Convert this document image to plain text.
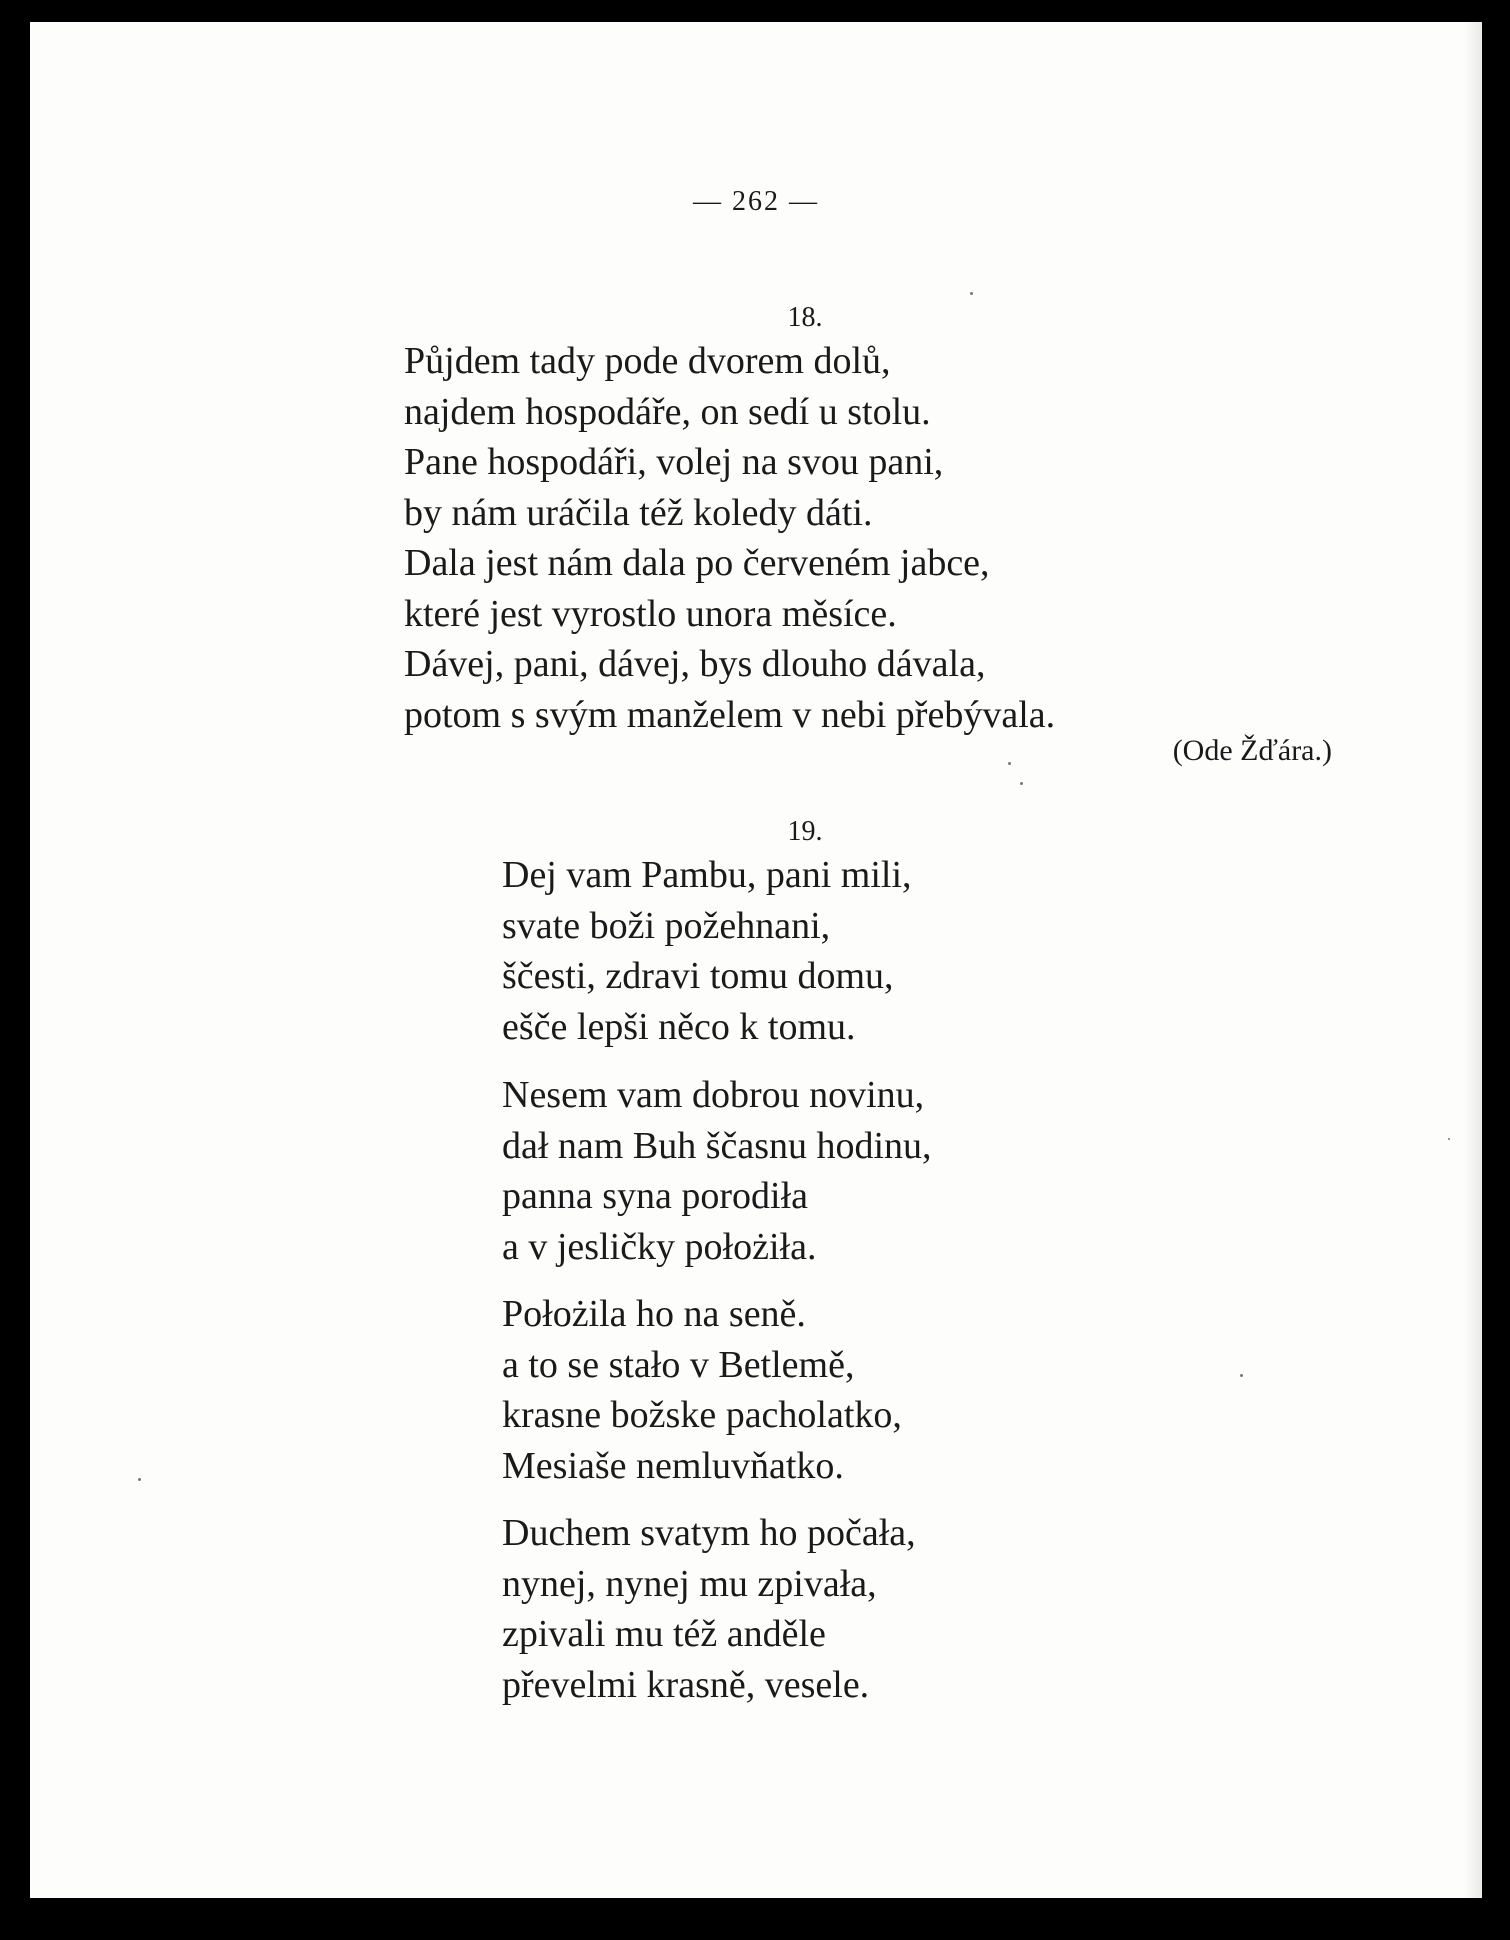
— 262 —
18.
Půjdem tady pode dvorem dolů,
najdem hospodáře, on sedí u stolu.
Pane hospodáři, volej na svou pani,
by nám uráčila též koledy dáti.
Dala jest nám dala po červeném jabce,
které jest vyrostlo unora měsíce.
Dávej, pani, dávej, bys dlouho dávala,
potom s svým manželem v nebi přebývala.
(Ode Žďára.)
19.
Dej vam Pambu, pani mili,
svate boži požehnani,
ščesti, zdravi tomu domu,
ešče lepši něco k tomu.
Nesem vam dobrou novinu,
dał nam Buh ščasnu hodinu,
panna syna porodiła
a v jesličky położiła.
Położila ho na seně.
a to se stało v Betlemě,
krasne božske pacholatko,
Mesiaše nemluvňatko.
Duchem svatym ho počała,
nynej, nynej mu zpivała,
zpivali mu též anděle
převelmi krasně, vesele.
